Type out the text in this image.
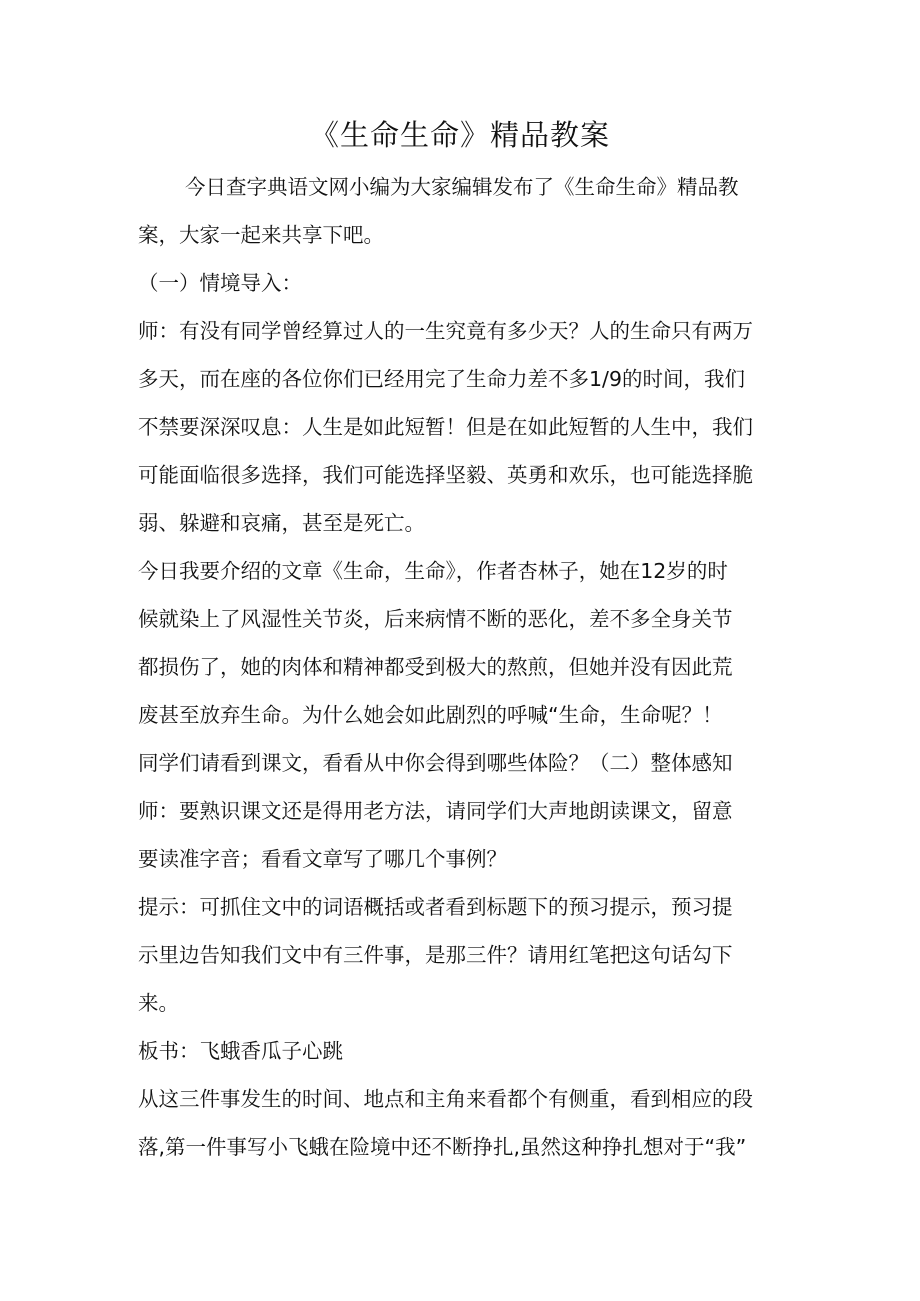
《生命生命》精品教案
今日查字典语文网小编为大家编辑发布了《生命生命》精品教
案，大家一起来共享下吧。
（一）情境导入：
师：有没有同学曾经算过人的一生究竟有多少天？人的生命只有两万
多天，而在座的各位你们已经用完了生命力差不多1/9的时间，我们
不禁要深深叹息：人生是如此短暂！但是在如此短暂的人生中，我们
可能面临很多选择，我们可能选择坚毅、英勇和欢乐，也可能选择脆
弱、躲避和哀痛，甚至是死亡。
今日我要介绍的文章《生命，生命》，作者杏林子，她在12岁的时
候就染上了风湿性关节炎，后来病情不断的恶化，差不多全身关节
都损伤了，她的肉体和精神都受到极大的熬煎，但她并没有因此荒
废甚至放弃生命。为什么她会如此剧烈的呼喊“生命，生命呢？！
同学们请看到课文，看看从中你会得到哪些体险？（二）整体感知
师：要熟识课文还是得用老方法，请同学们大声地朗读课文，留意
要读准字音；看看文章写了哪几个事例？
提示：可抓住文中的词语概括或者看到标题下的预习提示，预习提
示里边告知我们文中有三件事，是那三件？请用红笔把这句话勾下
来。
板书：飞蛾香瓜子心跳
从这三件事发生的时间、地点和主角来看都个有侧重，看到相应的段
落,第一件事写小飞蛾在险境中还不断挣扎,虽然这种挣扎想对于“我”
